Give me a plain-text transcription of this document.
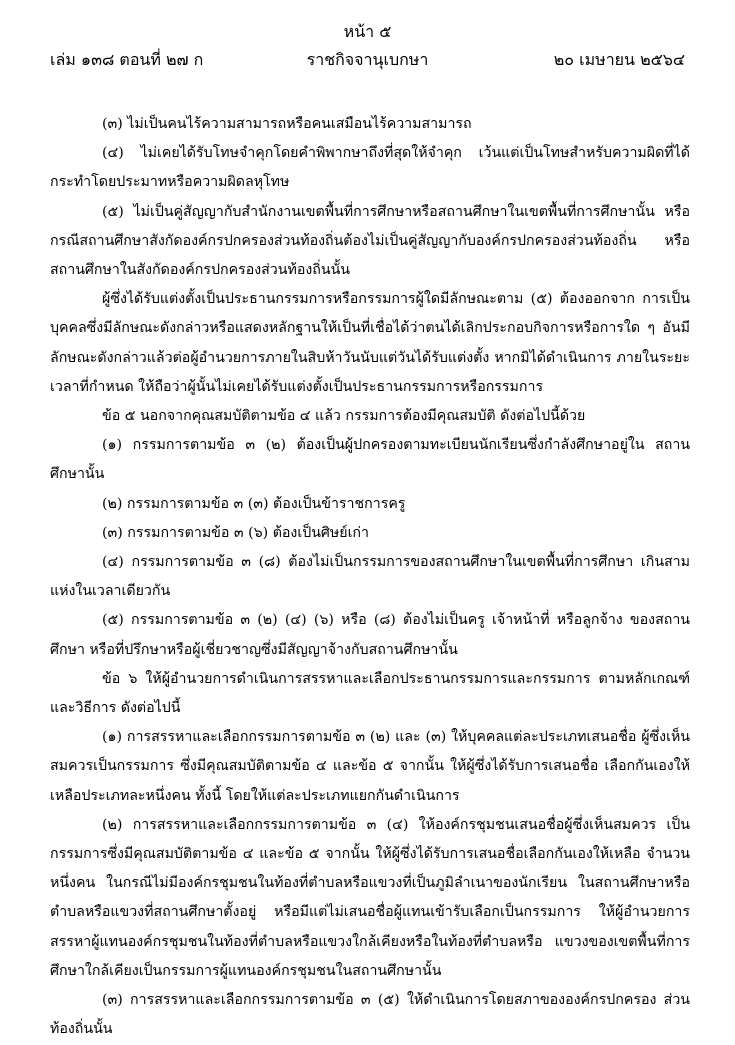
หน้า ๕
เล่ม ๑๓๘ ตอนที่ ๒๗ ก	ราชกิจจานุเบกษา	๒๐ เมษายน ๒๕๖๔

(๓) ไม่เป็นคนไร้ความสามารถหรือคนเสมือนไร้ความสามารถ

(๔) ไม่เคยได้รับโทษจำคุกโดยคำพิพากษาถึงที่สุดให้จำคุก เว้นแต่เป็นโทษสำหรับความผิดที่ได้กระทำโดยประมาทหรือความผิดลหุโทษ

(๕) ไม่เป็นคู่สัญญากับสำนักงานเขตพื้นที่การศึกษาหรือสถานศึกษาในเขตพื้นที่การศึกษานั้น หรือกรณีสถานศึกษาสังกัดองค์กรปกครองส่วนท้องถิ่นต้องไม่เป็นคู่สัญญากับองค์กรปกครองส่วนท้องถิ่น หรือสถานศึกษาในสังกัดองค์กรปกครองส่วนท้องถิ่นนั้น

ผู้ซึ่งได้รับแต่งตั้งเป็นประธานกรรมการหรือกรรมการผู้ใดมีลักษณะตาม (๕) ต้องออกจาก การเป็นบุคคลซึ่งมีลักษณะดังกล่าวหรือแสดงหลักฐานให้เป็นที่เชื่อได้ว่าตนได้เลิกประกอบกิจการหรือการใด ๆ อันมีลักษณะดังกล่าวแล้วต่อผู้อำนวยการภายในสิบห้าวันนับแต่วันได้รับแต่งตั้ง หากมิได้ดำเนินการ ภายในระยะเวลาที่กำหนด ให้ถือว่าผู้นั้นไม่เคยได้รับแต่งตั้งเป็นประธานกรรมการหรือกรรมการ

ข้อ ๕ นอกจากคุณสมบัติตามข้อ ๔ แล้ว กรรมการต้องมีคุณสมบัติ ดังต่อไปนี้ด้วย

(๑) กรรมการตามข้อ ๓ (๒) ต้องเป็นผู้ปกครองตามทะเบียนนักเรียนซึ่งกำลังศึกษาอยู่ใน สถานศึกษานั้น

(๒) กรรมการตามข้อ ๓ (๓) ต้องเป็นข้าราชการครู

(๓) กรรมการตามข้อ ๓ (๖) ต้องเป็นศิษย์เก่า

(๔) กรรมการตามข้อ ๓ (๘) ต้องไม่เป็นกรรมการของสถานศึกษาในเขตพื้นที่การศึกษา เกินสามแห่งในเวลาเดียวกัน

(๕) กรรมการตามข้อ ๓ (๒) (๔) (๖) หรือ (๘) ต้องไม่เป็นครู เจ้าหน้าที่ หรือลูกจ้าง ของสถานศึกษา หรือที่ปรึกษาหรือผู้เชี่ยวชาญซึ่งมีสัญญาจ้างกับสถานศึกษานั้น

ข้อ ๖ ให้ผู้อำนวยการดำเนินการสรรหาและเลือกประธานกรรมการและกรรมการ ตามหลักเกณฑ์และวิธีการ ดังต่อไปนี้

(๑) การสรรหาและเลือกกรรมการตามข้อ ๓ (๒) และ (๓) ให้บุคคลแต่ละประเภทเสนอชื่อ ผู้ซึ่งเห็นสมควรเป็นกรรมการ ซึ่งมีคุณสมบัติตามข้อ ๔ และข้อ ๕ จากนั้น ให้ผู้ซึ่งได้รับการเสนอชื่อ เลือกกันเองให้เหลือประเภทละหนึ่งคน ทั้งนี้ โดยให้แต่ละประเภทแยกกันดำเนินการ

(๒) การสรรหาและเลือกกรรมการตามข้อ ๓ (๔) ให้องค์กรชุมชนเสนอชื่อผู้ซึ่งเห็นสมควร เป็นกรรมการซึ่งมีคุณสมบัติตามข้อ ๔ และข้อ ๕ จากนั้น ให้ผู้ซึ่งได้รับการเสนอชื่อเลือกกันเองให้เหลือ จำนวนหนึ่งคน ในกรณีไม่มีองค์กรชุมชนในท้องที่ตำบลหรือแขวงที่เป็นภูมิลำเนาของนักเรียน ในสถานศึกษาหรือตำบลหรือแขวงที่สถานศึกษาตั้งอยู่ หรือมีแต่ไม่เสนอชื่อผู้แทนเข้ารับเลือกเป็นกรรมการ ให้ผู้อำนวยการสรรหาผู้แทนองค์กรชุมชนในท้องที่ตำบลหรือแขวงใกล้เคียงหรือในท้องที่ตำบลหรือ แขวงของเขตพื้นที่การศึกษาใกล้เคียงเป็นกรรมการผู้แทนองค์กรชุมชนในสถานศึกษานั้น

(๓) การสรรหาและเลือกกรรมการตามข้อ ๓ (๕) ให้ดำเนินการโดยสภาขององค์กรปกครอง ส่วนท้องถิ่นนั้น
